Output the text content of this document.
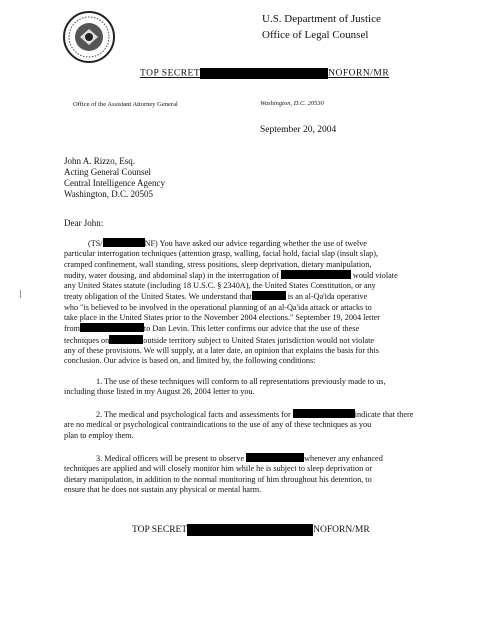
U.S. Department of Justice
Office of Legal Counsel
TOP SECRET	NOFORN/MR
Office of the Assistant Attorney General	Washington, D.C. 20530
September 20, 2004
John A. Rizzo, Esq.
Acting General Counsel
Central Intelligence Agency
Washington, D.C. 20505
Dear John:
(TS/	NF) You have asked our advice regarding whether the use of twelve
particular interrogation techniques (attention grasp, walling, facial hold, facial slap (insult slap),
cramped confinement, wall standing, stress positions, sleep deprivation, dietary manipulation,
nudity, water dousing, and abdominal slap) in the interrogation of	would violate
any United States statute (including 18 U.S.C. § 2340A), the United States Constitution, or any
treaty obligation of the United States. We understand that	is an al-Qa'ida operative
who "is believed to be involved in the operational planning of an al-Qa'ida attack or attacks to
take place in the United States prior to the November 2004 elections." September 19, 2004 letter
from	to Dan Levin. This letter confirms our advice that the use of these
techniques on	outside territory subject to United States jurisdiction would not violate
any of these provisions. We will supply, at a later date, an opinion that explains the basis for this
conclusion. Our advice is based on, and limited by, the following conditions:
1. The use of these techniques will conform to all representations previously made to us,
including those listed in my August 26, 2004 letter to you.
2. The medical and psychological facts and assessments for	indicate that there
are no medical or psychological contraindications to the use of any of these techniques as you
plan to employ them.
3. Medical officers will be present to observe	whenever any enhanced
techniques are applied and will closely monitor him while he is subject to sleep deprivation or
dietary manipulation, in addition to the normal monitoring of him throughout his detention, to
ensure that he does not sustain any physical or mental harm.
TOP SECRET	NOFORN/MR
